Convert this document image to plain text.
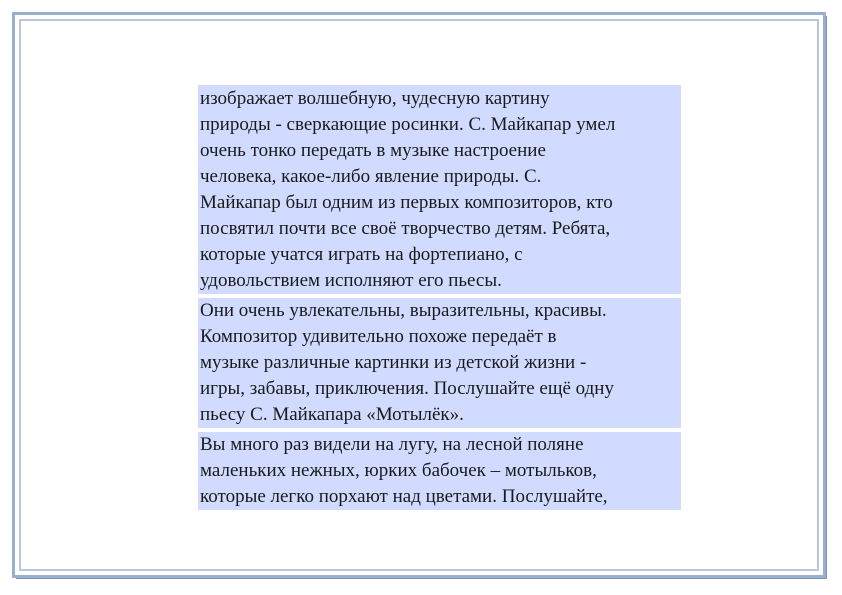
изображает волшебную, чудесную картину
природы - сверкающие росинки. С. Майкапар умел
очень тонко передать в музыке настроение
человека, какое-либо явление природы. С.
Майкапар был одним из первых композиторов, кто
посвятил почти все своё творчество детям. Ребята,
которые учатся играть на фортепиано, с
удовольствием исполняют его пьесы.

Они очень увлекательны, выразительны, красивы.
Композитор удивительно похоже передаёт в
музыке различные картинки из детской жизни -
игры, забавы, приключения. Послушайте ещё одну
пьесу С. Майкапара «Мотылёк».

Вы много раз видели на лугу, на лесной поляне
маленьких нежных, юрких бабочек – мотыльков,
которые легко порхают над цветами. Послушайте,
